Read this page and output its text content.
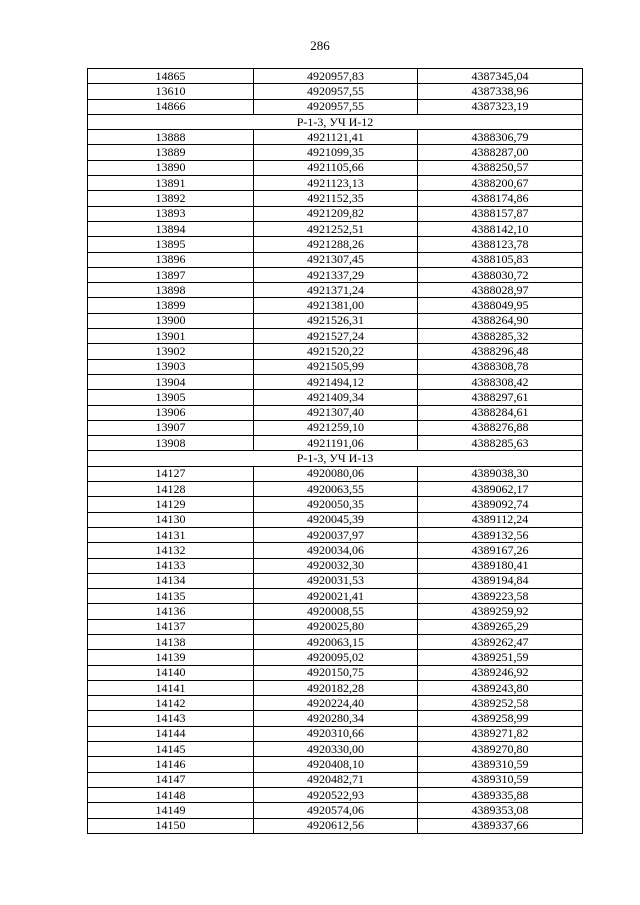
286
14865	4920957,83	4387345,04
13610	4920957,55	4387338,96
14866	4920957,55	4387323,19
Р-1-3, УЧ И-12		
13888	4921121,41	4388306,79
13889	4921099,35	4388287,00
13890	4921105,66	4388250,57
13891	4921123,13	4388200,67
13892	4921152,35	4388174,86
13893	4921209,82	4388157,87
13894	4921252,51	4388142,10
13895	4921288,26	4388123,78
13896	4921307,45	4388105,83
13897	4921337,29	4388030,72
13898	4921371,24	4388028,97
13899	4921381,00	4388049,95
13900	4921526,31	4388264,90
13901	4921527,24	4388285,32
13902	4921520,22	4388296,48
13903	4921505,99	4388308,78
13904	4921494,12	4388308,42
13905	4921409,34	4388297,61
13906	4921307,40	4388284,61
13907	4921259,10	4388276,88
13908	4921191,06	4388285,63
Р-1-3, УЧ И-13		
14127	4920080,06	4389038,30
14128	4920063,55	4389062,17
14129	4920050,35	4389092,74
14130	4920045,39	4389112,24
14131	4920037,97	4389132,56
14132	4920034,06	4389167,26
14133	4920032,30	4389180,41
14134	4920031,53	4389194,84
14135	4920021,41	4389223,58
14136	4920008,55	4389259,92
14137	4920025,80	4389265,29
14138	4920063,15	4389262,47
14139	4920095,02	4389251,59
14140	4920150,75	4389246,92
14141	4920182,28	4389243,80
14142	4920224,40	4389252,58
14143	4920280,34	4389258,99
14144	4920310,66	4389271,82
14145	4920330,00	4389270,80
14146	4920408,10	4389310,59
14147	4920482,71	4389310,59
14148	4920522,93	4389335,88
14149	4920574,06	4389353,08
14150	4920612,56	4389337,66
